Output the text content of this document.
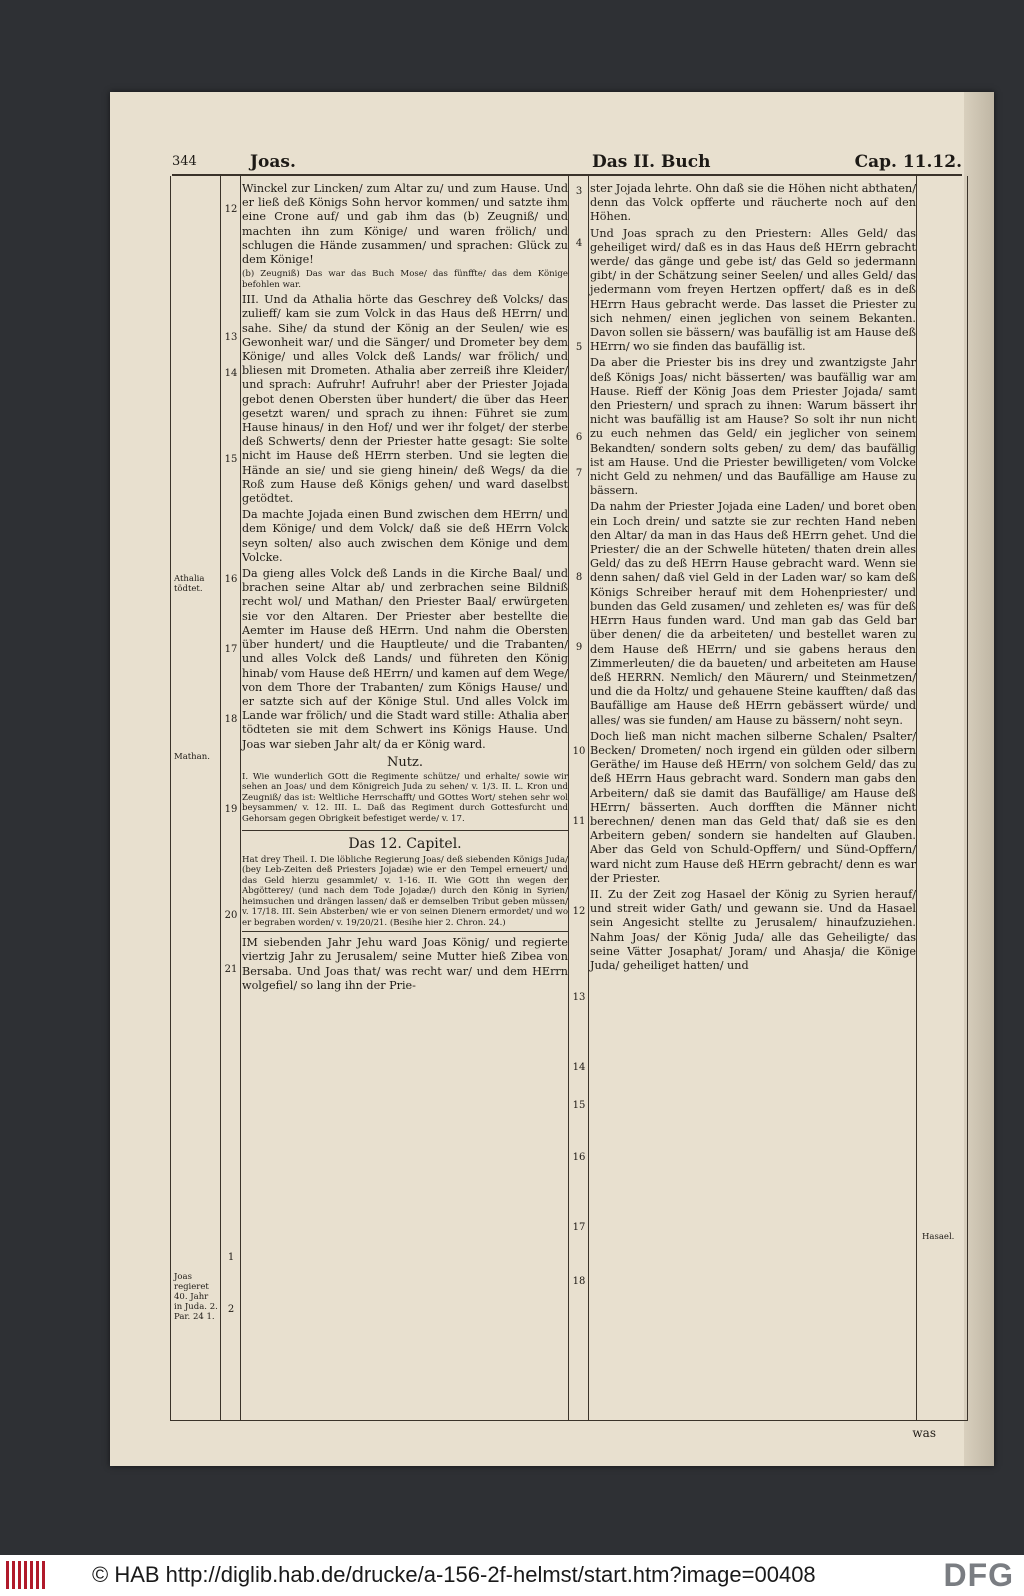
344	Joas.	Das II. Buch	Cap. 11.12.
Athalia tödtet.
Mathan.
Joas regieret 40. Jahr in Juda. 2. Par. 24 1.
Hasael.
12
13
14
15
16
17
18
19
20
21
1
2
3
4
5
6
7
8
9
10
11
12
13
14
15
16
17
18

Winckel zur Lincken/ zum Altar zu/ und zum Hause. Und er ließ deß Königs Sohn hervor kommen/ und satzte ihm eine Crone auf/ und gab ihm das (b) Zeugniß/ und machten ihn zum Könige/ und waren frölich/ und schlugen die Hände zusammen/ und sprachen: Glück zu dem Könige!

(b) Zeugniß) Das war das Buch Mose/ das fünffte/ das dem Könige befohlen war.

III. Und da Athalia hörte das Geschrey deß Volcks/ das zulieff/ kam sie zum Volck in das Haus deß HErrn/ und sahe. Sihe/ da stund der König an der Seulen/ wie es Gewonheit war/ und die Sänger/ und Drometer bey dem Könige/ und alles Volck deß Lands/ war frölich/ und bliesen mit Drometen. Athalia aber zerreiß ihre Kleider/ und sprach: Aufruhr! Aufruhr! aber der Priester Jojada gebot denen Obersten über hundert/ die über das Heer gesetzt waren/ und sprach zu ihnen: Führet sie zum Hause hinaus/ in den Hof/ und wer ihr folget/ der sterbe deß Schwerts/ denn der Priester hatte gesagt: Sie solte nicht im Hause deß HErrn sterben. Und sie legten die Hände an sie/ und sie gieng hinein/ deß Wegs/ da die Roß zum Hause deß Königs gehen/ und ward daselbst getödtet.

Da machte Jojada einen Bund zwischen dem HErrn/ und dem Könige/ und dem Volck/ daß sie deß HErrn Volck seyn solten/ also auch zwischen dem Könige und dem Volcke.

Da gieng alles Volck deß Lands in die Kirche Baal/ und brachen seine Altar ab/ und zerbrachen seine Bildniß recht wol/ und Mathan/ den Priester Baal/ erwürgeten sie vor den Altaren. Der Priester aber bestellte die Aemter im Hause deß HErrn. Und nahm die Obersten über hundert/ und die Hauptleute/ und die Trabanten/ und alles Volck deß Lands/ und führeten den König hinab/ vom Hause deß HErrn/ und kamen auf dem Wege/ von dem Thore der Trabanten/ zum Königs Hause/ und er satzte sich auf der Könige Stul. Und alles Volck im Lande war frölich/ und die Stadt ward stille: Athalia aber tödteten sie mit dem Schwert ins Königs Hause. Und Joas war sieben Jahr alt/ da er König ward.

Nutz.

I. Wie wunderlich GOtt die Regimente schütze/ und erhalte/ sowie wir sehen an Joas/ und dem Königreich Juda zu sehen/ v. 1/3. II. L. Kron und Zeugniß/ das ist: Weltliche Herrschafft/ und GOttes Wort/ stehen sehr wol beysammen/ v. 12. III. L. Daß das Regiment durch Gottesfurcht und Gehorsam gegen Obrigkeit befestiget werde/ v. 17.

Das 12. Capitel.

Hat drey Theil. I. Die löbliche Regierung Joas/ deß siebenden Königs Juda/ (bey Leb-Zeiten deß Priesters Jojadæ) wie er den Tempel erneuert/ und das Geld hierzu gesammlet/ v. 1-16. II. Wie GOtt ihn wegen der Abgötterey/ (und nach dem Tode Jojadæ/) durch den König in Syrien/ heimsuchen und drängen lassen/ daß er demselben Tribut geben müssen/ v. 17/18. III. Sein Absterben/ wie er von seinen Dienern ermordet/ und wo er begraben worden/ v. 19/20/21. (Besihe hier 2. Chron. 24.)

IM siebenden Jahr Jehu ward Joas König/ und regierte viertzig Jahr zu Jerusalem/ seine Mutter hieß Zibea von Bersaba. Und Joas that/ was recht war/ und dem HErrn wolgefiel/ so lang ihn der Prie-

ster Jojada lehrte. Ohn daß sie die Höhen nicht abthaten/ denn das Volck opfferte und räucherte noch auf den Höhen.

Und Joas sprach zu den Priestern: Alles Geld/ das geheiliget wird/ daß es in das Haus deß HErrn gebracht werde/ das gänge und gebe ist/ das Geld so jedermann gibt/ in der Schätzung seiner Seelen/ und alles Geld/ das jedermann vom freyen Hertzen opffert/ daß es in deß HErrn Haus gebracht werde. Das lasset die Priester zu sich nehmen/ einen jeglichen von seinem Bekanten. Davon sollen sie bässern/ was baufällig ist am Hause deß HErrn/ wo sie finden das baufällig ist.

Da aber die Priester bis ins drey und zwantzigste Jahr deß Königs Joas/ nicht bässerten/ was baufällig war am Hause. Rieff der König Joas dem Priester Jojada/ samt den Priestern/ und sprach zu ihnen: Warum bässert ihr nicht was baufällig ist am Hause? So solt ihr nun nicht zu euch nehmen das Geld/ ein jeglicher von seinem Bekandten/ sondern solts geben/ zu dem/ das baufällig ist am Hause. Und die Priester bewilligeten/ vom Volcke nicht Geld zu nehmen/ und das Baufällige am Hause zu bässern.

Da nahm der Priester Jojada eine Laden/ und boret oben ein Loch drein/ und satzte sie zur rechten Hand neben den Altar/ da man in das Haus deß HErrn gehet. Und die Priester/ die an der Schwelle hüteten/ thaten drein alles Geld/ das zu deß HErrn Hause gebracht ward. Wenn sie denn sahen/ daß viel Geld in der Laden war/ so kam deß Königs Schreiber herauf mit dem Hohenpriester/ und bunden das Geld zusamen/ und zehleten es/ was für deß HErrn Haus funden ward. Und man gab das Geld bar über denen/ die da arbeiteten/ und bestellet waren zu dem Hause deß HErrn/ und sie gabens heraus den Zimmerleuten/ die da baueten/ und arbeiteten am Hause deß HERRN. Nemlich/ den Mäurern/ und Steinmetzen/ und die da Holtz/ und gehauene Steine kaufften/ daß das Baufällige am Hause deß HErrn gebässert würde/ und alles/ was sie funden/ am Hause zu bässern/ noht seyn.

Doch ließ man nicht machen silberne Schalen/ Psalter/ Becken/ Drometen/ noch irgend ein gülden oder silbern Geräthe/ im Hause deß HErrn/ von solchem Geld/ das zu deß HErrn Haus gebracht ward. Sondern man gabs den Arbeitern/ daß sie damit das Baufällige/ am Hause deß HErrn/ bässerten. Auch dorfften die Männer nicht berechnen/ denen man das Geld that/ daß sie es den Arbeitern geben/ sondern sie handelten auf Glauben. Aber das Geld von Schuld-Opffern/ und Sünd-Opffern/ ward nicht zum Hause deß HErrn gebracht/ denn es war der Priester.

II. Zu der Zeit zog Hasael der König zu Syrien herauf/ und streit wider Gath/ und gewann sie. Und da Hasael sein Angesicht stellte zu Jerusalem/ hinaufzuziehen. Nahm Joas/ der König Juda/ alle das Geheiligte/ das seine Vätter Josaphat/ Joram/ und Ahasja/ die Könige Juda/ geheiliget hatten/ und

was
© HAB http://diglib.hab.de/drucke/a-156-2f-helmst/start.htm?image=00408	DFG
